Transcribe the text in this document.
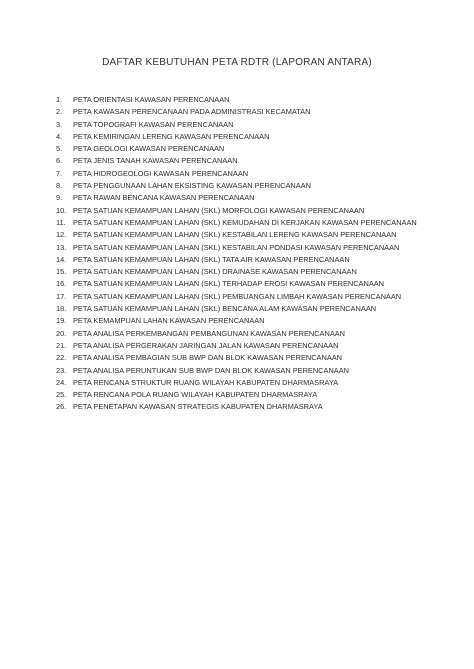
DAFTAR KEBUTUHAN PETA RDTR (LAPORAN ANTARA)
1.	PETA ORIENTASI KAWASAN PERENCANAAN
2.	PETA KAWASAN PERENCANAAN PADA ADMINISTRASI KECAMATAN
3.	PETA TOPOGRAFI KAWASAN PERENCANAAN
4.	PETA KEMIRINGAN LERENG KAWASAN PERENCANAAN
5.	PETA GEOLOGI KAWASAN PERENCANAAN
6.	PETA JENIS TANAH KAWASAN PERENCANAAN
7.	PETA HIDROGEOLOGI KAWASAN PERENCANAAN
8.	PETA PENGGUNAAN LAHAN EKSISTING KAWASAN PERENCANAAN
9.	PETA RAWAN BENCANA KAWASAN PERENCANAAN
10. PETA SATUAN KEMAMPUAN LAHAN (SKL) MORFOLOGI KAWASAN PERENCANAAN
11. PETA SATUAN KEMAMPUAN LAHAN (SKL) KEMUDAHAN DI KERJAKAN KAWASAN PERENCANAAN
12. PETA SATUAN KEMAMPUAN LAHAN (SKL) KESTABILAN LERENG KAWASAN PERENCANAAN
13. PETA SATUAN KEMAMPUAN LAHAN (SKL) KESTABILAN PONDASI KAWASAN PERENCANAAN
14. PETA SATUAN KEMAMPUAN LAHAN (SKL) TATA AIR KAWASAN PERENCANAAN
15. PETA SATUAN KEMAMPUAN LAHAN (SKL) DRAINASE KAWASAN PERENCANAAN
16. PETA SATUAN KEMAMPUAN LAHAN (SKL) TERHADAP EROSI KAWASAN PERENCANAAN
17. PETA SATUAN KEMAMPUAN LAHAN (SKL) PEMBUANGAN LIMBAH KAWASAN PERENCANAAN
18. PETA SATUAN KEMAMPUAN LAHAN (SKL) BENCANA ALAM KAWASAN PERENCANAAN
19. PETA KEMAMPUAN LAHAN KAWASAN PERENCANAAN
20. PETA ANALISA PERKEMBANGAN PEMBANGUNAN KAWASAN PERENCANAAN
21. PETA ANALISA PERGERAKAN JARINGAN JALAN KAWASAN PERENCANAAN
22. PETA ANALISA PEMBAGIAN SUB BWP DAN BLOK KAWASAN PERENCANAAN
23. PETA ANALISA PERUNTUKAN SUB BWP DAN BLOK KAWASAN PERENCANAAN
24. PETA RENCANA STRUKTUR RUANG WILAYAH KABUPATEN DHARMASRAYA
25. PETA RENCANA POLA RUANG WILAYAH KABUPATEN DHARMASRAYA
26. PETA PENETAPAN KAWASAN STRATEGIS KABUPATEN DHARMASRAYA
